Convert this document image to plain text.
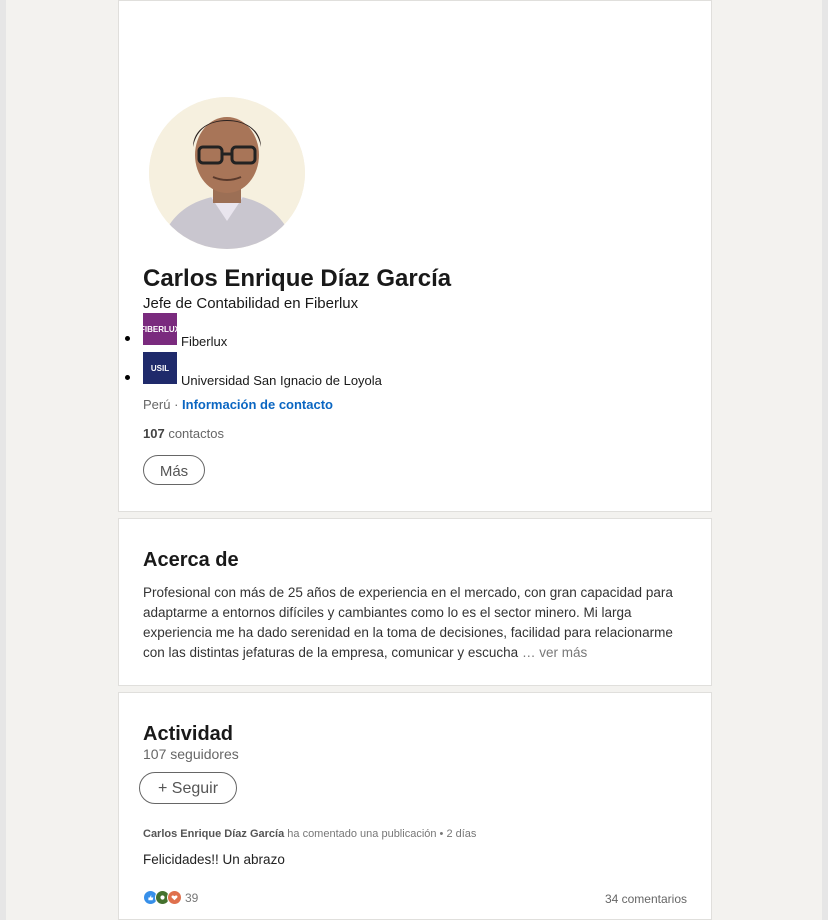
Carlos Enrique Díaz García

Jefe de Contabilidad en Fiberlux

FIBERLUX
Fiberlux
USIL
Universidad San Ignacio de Loyola
Perú · Información de contacto
107 contactos
Más
Acerca de
Profesional con más de 25 años de experiencia en el mercado, con gran capacidad para adaptarme a entornos difíciles y cambiantes como lo es el sector minero. Mi larga experiencia me ha dado serenidad en la toma de decisiones, facilidad para relacionarme con las distintas jefaturas de la empresa, comunicar y escucha … ver más
Actividad
107 seguidores
+ Seguir
Carlos Enrique Díaz García ha comentado una publicación • 2 días
Felicidades!! Un abrazo
39	34 comentarios
